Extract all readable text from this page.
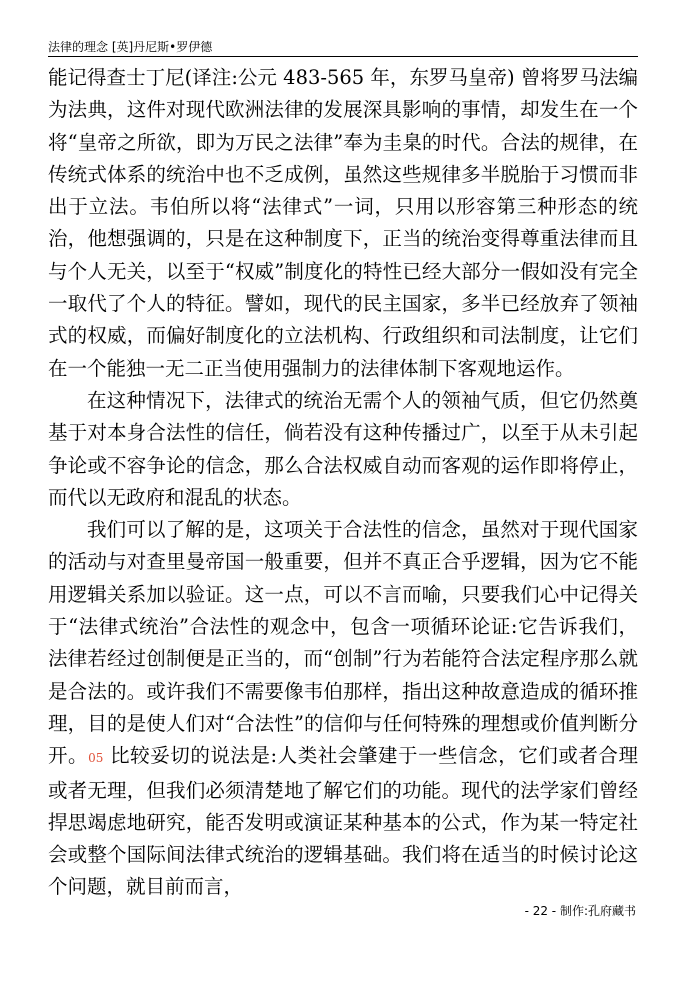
法律的理念 [英]丹尼斯•罗伊德

能记得查士丁尼(译注:公元 483-565 年，东罗马皇帝) 曾将罗马法编为法典，这件对现代欧洲法律的发展深具影响的事情，却发生在一个将“皇帝之所欲，即为万民之法律”奉为圭臬的时代。合法的规律，在传统式体系的统治中也不乏成例，虽然这些规律多半脱胎于习惯而非出于立法。韦伯所以将“法律式”一词，只用以形容第三种形态的统治，他想强调的，只是在这种制度下，正当的统治变得尊重法律而且与个人无关，以至于“权威”制度化的特性已经大部分一假如没有完全一取代了个人的特征。譬如，现代的民主国家，多半已经放弃了领袖式的权威，而偏好制度化的立法机构、行政组织和司法制度，让它们在一个能独一无二正当使用强制力的法律体制下客观地运作。

在这种情况下，法律式的统治无需个人的领袖气质，但它仍然奠基于对本身合法性的信任，倘若没有这种传播过广，以至于从未引起争论或不容争论的信念，那么合法权威自动而客观的运作即将停止，而代以无政府和混乱的状态。

我们可以了解的是，这项关于合法性的信念，虽然对于现代国家的活动与对查里曼帝国一般重要，但并不真正合乎逻辑，因为它不能用逻辑关系加以验证。这一点，可以不言而喻，只要我们心中记得关于“法律式统治”合法性的观念中，包含一项循环论证:它告诉我们，法律若经过创制便是正当的，而“创制”行为若能符合法定程序那么就是合法的。或许我们不需要像韦伯那样，指出这种故意造成的循环推理，目的是使人们对“合法性”的信仰与任何特殊的理想或价值判断分开。05 比较妥切的说法是:人类社会肇建于一些信念，它们或者合理或者无理，但我们必须清楚地了解它们的功能。现代的法学家们曾经捍思竭虑地研究，能否发明或演证某种基本的公式，作为某一特定社会或整个国际间法律式统治的逻辑基础。我们将在适当的时候讨论这个问题，就目前而言，

- 22 - 制作:孔府藏书
